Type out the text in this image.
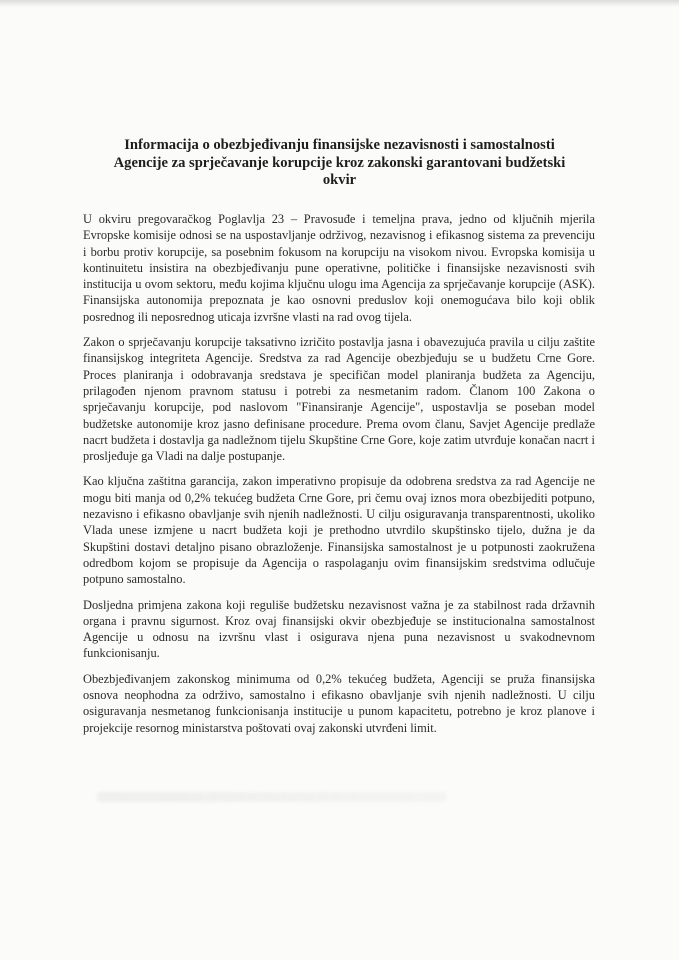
Informacija o obezbjeđivanju finansijske nezavisnosti i samostalnosti
Agencije za sprječavanje korupcije kroz zakonski garantovani budžetski
okvir

U okviru pregovaračkog Poglavlja 23 – Pravosuđe i temeljna prava, jedno od ključnih mjerila Evropske komisije odnosi se na uspostavljanje održivog, nezavisnog i efikasnog sistema za prevenciju i borbu protiv korupcije, sa posebnim fokusom na korupciju na visokom nivou. Evropska komisija u kontinuitetu insistira na obezbjeđivanju pune operativne, političke i finansijske nezavisnosti svih institucija u ovom sektoru, među kojima ključnu ulogu ima Agencija za sprječavanje korupcije (ASK). Finansijska autonomija prepoznata je kao osnovni preduslov koji onemogućava bilo koji oblik posrednog ili neposrednog uticaja izvršne vlasti na rad ovog tijela.

Zakon o sprječavanju korupcije taksativno izričito postavlja jasna i obavezujuća pravila u cilju zaštite finansijskog integriteta Agencije. Sredstva za rad Agencije obezbjeđuju se u budžetu Crne Gore. Proces planiranja i odobravanja sredstava je specifičan model planiranja budžeta za Agenciju, prilagođen njenom pravnom statusu i potrebi za nesmetanim radom. Članom 100 Zakona o sprječavanju korupcije, pod naslovom "Finansiranje Agencije", uspostavlja se poseban model budžetske autonomije kroz jasno definisane procedure. Prema ovom članu, Savjet Agencije predlaže nacrt budžeta i dostavlja ga nadležnom tijelu Skupštine Crne Gore, koje zatim utvrđuje konačan nacrt i prosljeđuje ga Vladi na dalje postupanje.

Kao ključna zaštitna garancija, zakon imperativno propisuje da odobrena sredstva za rad Agencije ne mogu biti manja od 0,2% tekućeg budžeta Crne Gore, pri čemu ovaj iznos mora obezbijediti potpuno, nezavisno i efikasno obavljanje svih njenih nadležnosti. U cilju osiguravanja transparentnosti, ukoliko Vlada unese izmjene u nacrt budžeta koji je prethodno utvrdilo skupštinsko tijelo, dužna je da Skupštini dostavi detaljno pisano obrazloženje. Finansijska samostalnost je u potpunosti zaokružena odredbom kojom se propisuje da Agencija o raspolaganju ovim finansijskim sredstvima odlučuje potpuno samostalno.

Dosljedna primjena zakona koji reguliše budžetsku nezavisnost važna je za stabilnost rada državnih organa i pravnu sigurnost. Kroz ovaj finansijski okvir obezbjeđuje se institucionalna samostalnost Agencije u odnosu na izvršnu vlast i osigurava njena puna nezavisnost u svakodnevnom funkcionisanju.

Obezbjeđivanjem zakonskog minimuma od 0,2% tekućeg budžeta, Agenciji se pruža finansijska osnova neophodna za održivo, samostalno i efikasno obavljanje svih njenih nadležnosti. U cilju osiguravanja nesmetanog funkcionisanja institucije u punom kapacitetu, potrebno je kroz planove i projekcije resornog ministarstva poštovati ovaj zakonski utvrđeni limit.
